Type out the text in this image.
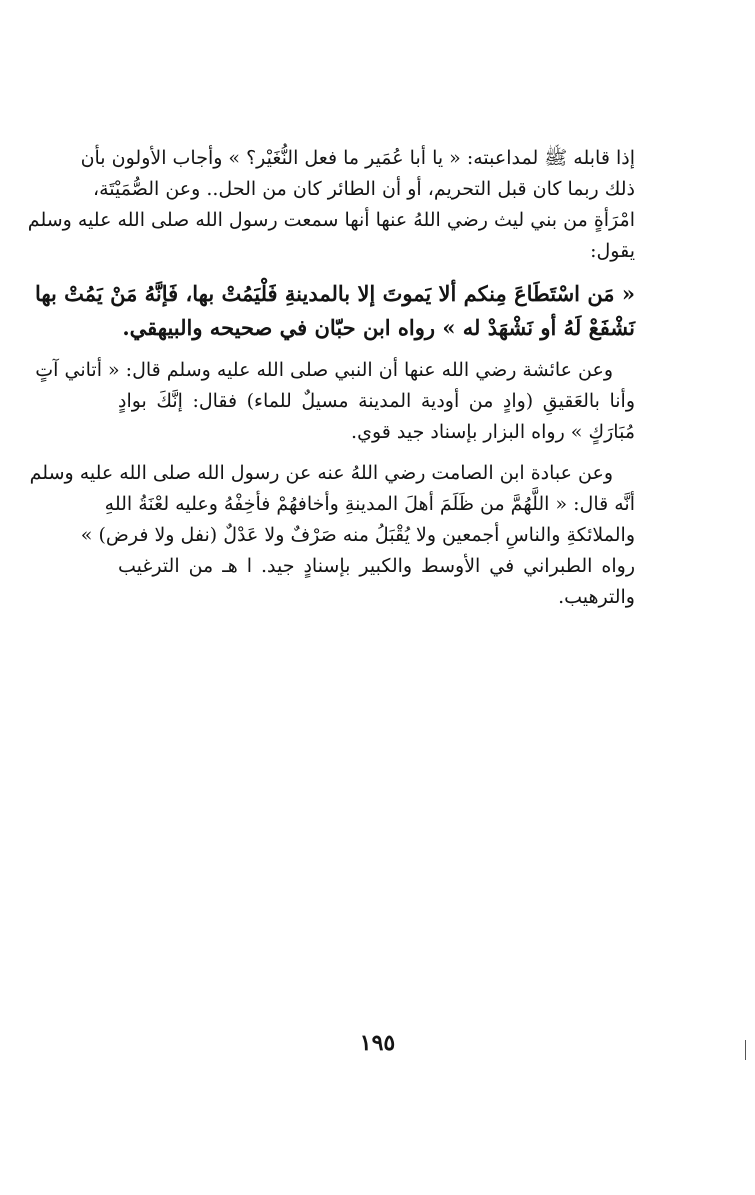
إذا قابله ﷺ لمداعبته: « يا أبا عُمَير ما فعل النُّغَيْر؟ » وأجاب الأولون بأن
ذلك ربما كان قبل التحريم، أو أن الطائر كان من الحل.. وعن الصُّمَيْتَة،
امْرَأةٍ من بني ليث رضي اللهُ عنها أنها سمعت رسول الله صلى الله عليه وسلم
يقول:
« مَن اسْتَطَاعَ مِنكم ألا يَموتَ إلا بالمدينةِ فَلْيَمُتْ بها، فَإنَّهُ مَنْ يَمُتْ بها
نَشْفَعْ لَهُ أو نَشْهَدْ له » رواه ابن حبّان في صحيحه والبيهقي.
وعن عائشة رضي الله عنها أن النبي صلى الله عليه وسلم قال: « أتاني آتٍ
وأنا بالعَقيقِ (وادٍ من أودية المدينة مسيلٌ للماء) فقال: إنَّكَ بوادٍ
مُبَارَكٍ » رواه البزار بإسناد جيد قوي.
وعن عبادة ابن الصامت رضي اللهُ عنه عن رسول الله صلى الله عليه وسلم
أنَّه قال: « اللَّهُمَّ من ظَلَمَ أهلَ المدينةِ وأخافهُمْ فأخِفْهُ وعليه لعْنَةُ اللهِ
والملائكةِ والناسِ أجمعين ولا يُقْبَلُ منه صَرْفٌ ولا عَدْلٌ (نفل ولا فرض) »
رواه الطبراني في الأوسط والكبير بإسنادٍ جيد. ا هـ من الترغيب
والترهيب.
١٩٥
